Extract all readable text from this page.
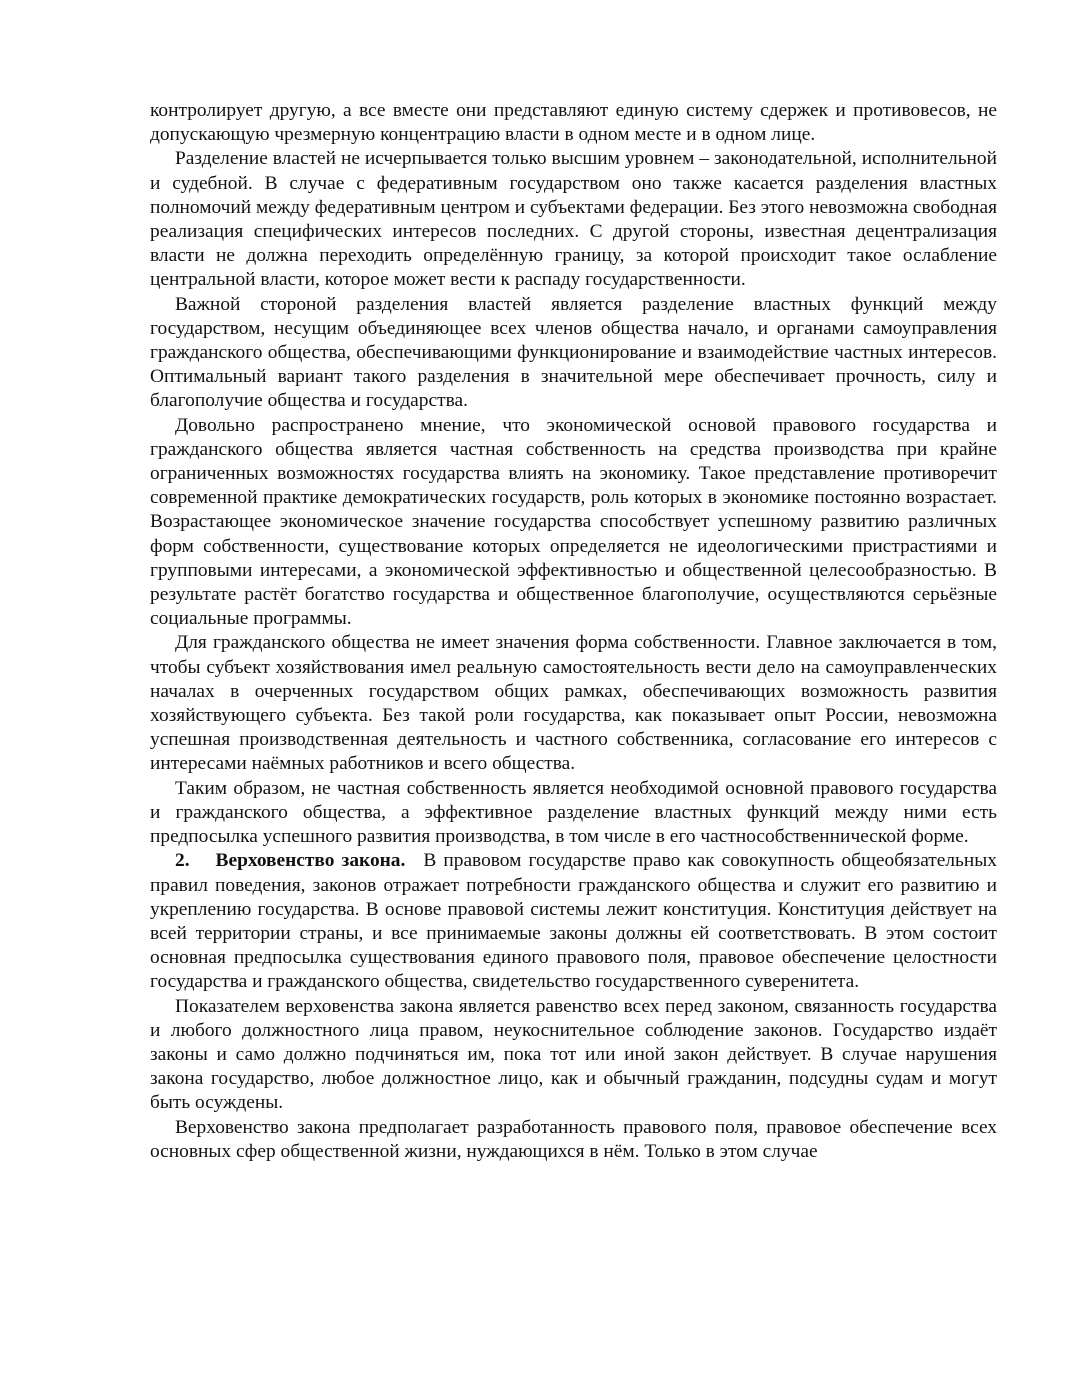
контролирует другую, а все вместе они представляют единую систему сдержек и противовесов, не допускающую чрезмерную концентрацию власти в одном месте и в одном лице.

Разделение властей не исчерпывается только высшим уровнем – законодательной, исполнительной и судебной. В случае с федеративным государством оно также касается разделения властных полномочий между федеративным центром и субъектами федерации. Без этого невозможна свободная реализация специфических интересов последних. С другой стороны, известная децентрализация власти не должна переходить определённую границу, за которой происходит такое ослабление центральной власти, которое может вести к распаду государственности.

Важной стороной разделения властей является разделение властных функций между государством, несущим объединяющее всех членов общества начало, и органами самоуправления гражданского общества, обеспечивающими функционирование и взаимодействие частных интересов. Оптимальный вариант такого разделения в значительной мере обеспечивает прочность, силу и благополучие общества и государства.

Довольно распространено мнение, что экономической основой правового государства и гражданского общества является частная собственность на средства производства при крайне ограниченных возможностях государства влиять на экономику. Такое представление противоречит современной практике демократических государств, роль которых в экономике постоянно возрастает. Возрастающее экономическое значение государства способствует успешному развитию различных форм собственности, существование которых определяется не идеологическими пристрастиями и групповыми интересами, а экономической эффективностью и общественной целесообразностью. В результате растёт богатство государства и общественное благополучие, осуществляются серьёзные социальные программы.

Для гражданского общества не имеет значения форма собственности. Главное заключается в том, чтобы субъект хозяйствования имел реальную самостоятельность вести дело на самоуправленческих началах в очерченных государством общих рамках, обеспечивающих возможность развития хозяйствующего субъекта. Без такой роли государства, как показывает опыт России, невозможна успешная производственная деятельность и частного собственника, согласование его интересов с интересами наёмных работников и всего общества.

Таким образом, не частная собственность является необходимой основной правового государства и гражданского общества, а эффективное разделение властных функций между ними есть предпосылка успешного развития производства, в том числе в его частнособственнической форме.

2. Верховенство закона. В правовом государстве право как совокупность общеобязательных правил поведения, законов отражает потребности гражданского общества и служит его развитию и укреплению государства. В основе правовой системы лежит конституция. Конституция действует на всей территории страны, и все принимаемые законы должны ей соответствовать. В этом состоит основная предпосылка существования единого правового поля, правовое обеспечение целостности государства и гражданского общества, свидетельство государственного суверенитета.

Показателем верховенства закона является равенство всех перед законом, связанность государства и любого должностного лица правом, неукоснительное соблюдение законов. Государство издаёт законы и само должно подчиняться им, пока тот или иной закон действует. В случае нарушения закона государство, любое должностное лицо, как и обычный гражданин, подсудны судам и могут быть осуждены.

Верховенство закона предполагает разработанность правового поля, правовое обеспечение всех основных сфер общественной жизни, нуждающихся в нём. Только в этом случае
